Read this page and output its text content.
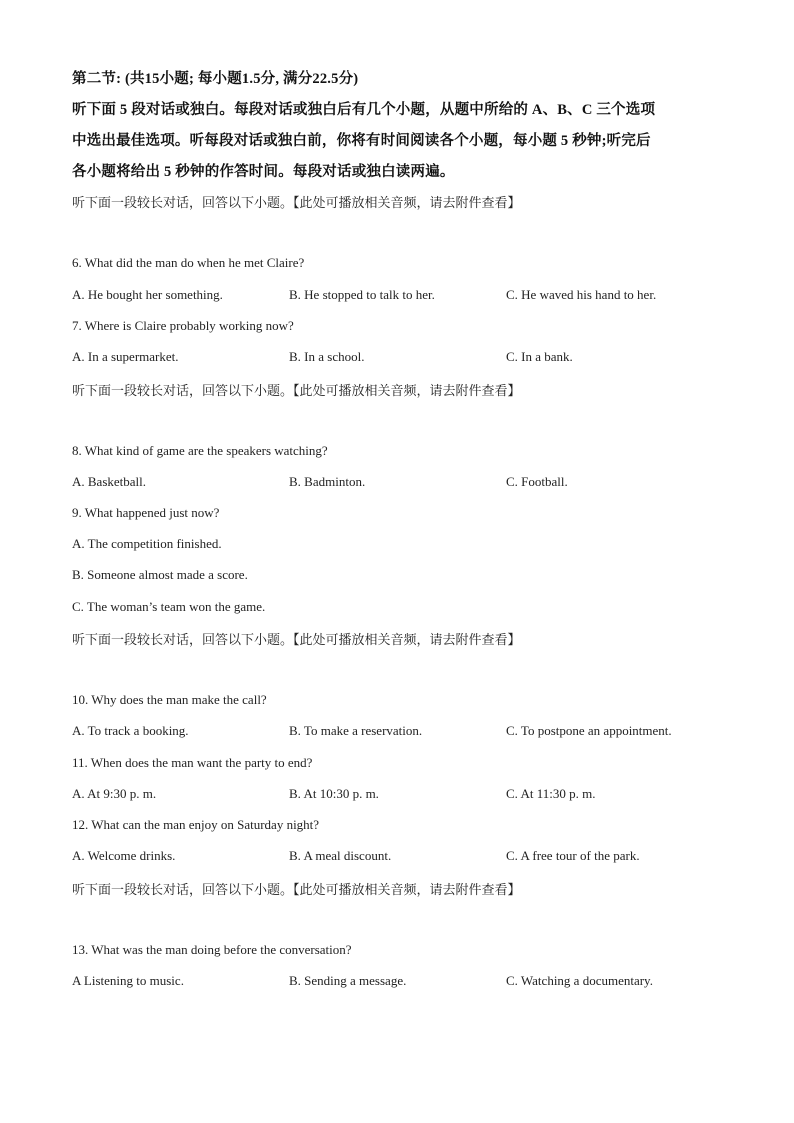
第二节: (共15小题; 每小题1.5分, 满分22.5分)
听下面 5 段对话或独白。每段对话或独白后有几个小题，从题中所给的 A、B、C 三个选项
中选出最佳选项。听每段对话或独白前，你将有时间阅读各个小题，每小题 5 秒钟;听完后
各小题将给出 5 秒钟的作答时间。每段对话或独白读两遍。
听下面一段较长对话，回答以下小题。【此处可播放相关音频，请去附件查看】
6. What did the man do when he met Claire?
A. He bought her something.	B. He stopped to talk to her.	C. He waved his hand to her.
7. Where is Claire probably working now?
A. In a supermarket.	B. In a school.	C. In a bank.
听下面一段较长对话，回答以下小题。【此处可播放相关音频，请去附件查看】
8. What kind of game are the speakers watching?
A. Basketball.	B. Badminton.	C. Football.
9. What happened just now?
A. The competition finished.
B. Someone almost made a score.
C. The woman’s team won the game.
听下面一段较长对话，回答以下小题。【此处可播放相关音频，请去附件查看】
10. Why does the man make the call?
A. To track a booking.	B. To make a reservation.	C. To postpone an appointment.
11. When does the man want the party to end?
A. At 9:30 p. m.	B. At 10:30 p. m.	C. At 11:30 p. m.
12. What can the man enjoy on Saturday night?
A. Welcome drinks.	B. A meal discount.	C. A free tour of the park.
听下面一段较长对话，回答以下小题。【此处可播放相关音频，请去附件查看】
13. What was the man doing before the conversation?
A Listening to music.	B. Sending a message.	C. Watching a documentary.
